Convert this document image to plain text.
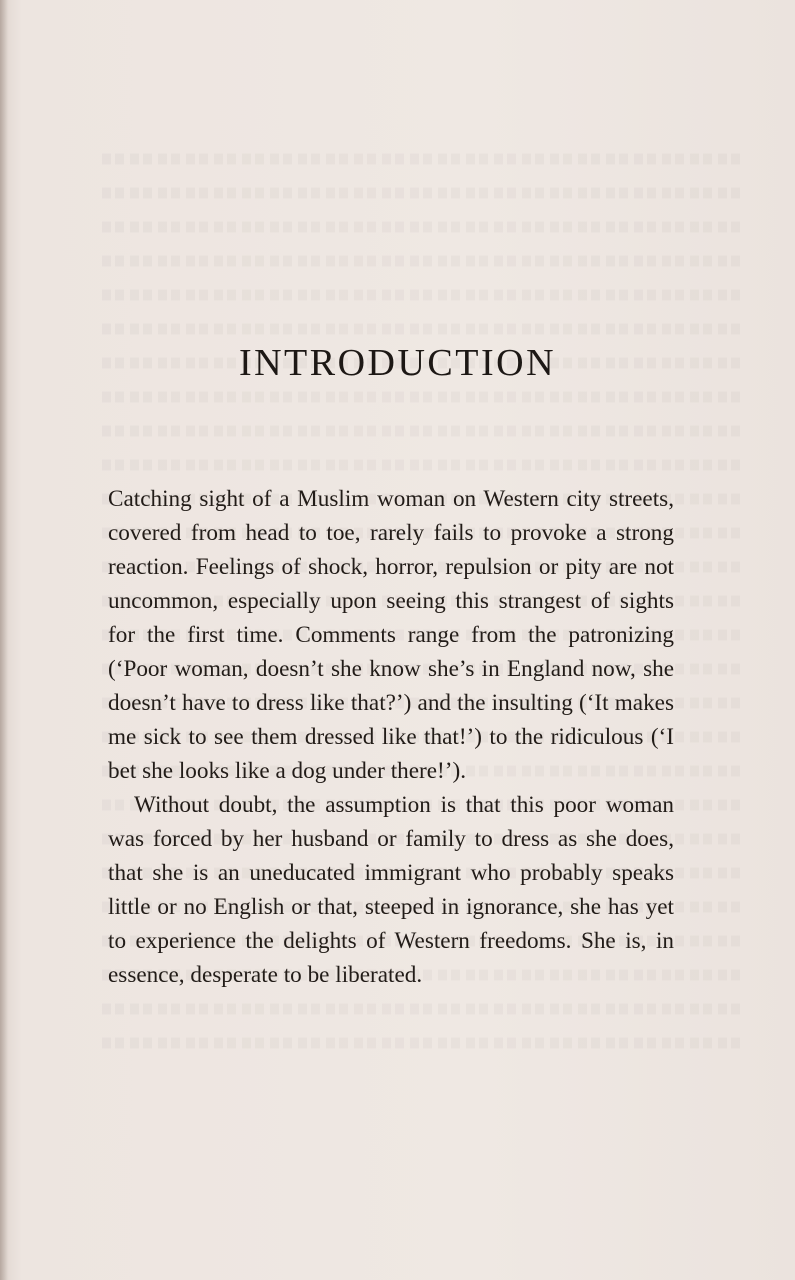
INTRODUCTION

Catching sight of a Muslim woman on Western city streets, covered from head to toe, rarely fails to provoke a strong reaction. Feelings of shock, horror, repulsion or pity are not uncommon, especially upon seeing this strangest of sights for the first time. Comments range from the patronizing (‘Poor woman, doesn’t she know she’s in England now, she doesn’t have to dress like that?’) and the insulting (‘It makes me sick to see them dressed like that!’) to the ridiculous (‘I bet she looks like a dog under there!’).

Without doubt, the assumption is that this poor woman was forced by her husband or family to dress as she does, that she is an uneducated immigrant who probably speaks little or no English or that, steeped in ignorance, she has yet to experience the delights of Western freedoms. She is, in essence, desperate to be liberated.
